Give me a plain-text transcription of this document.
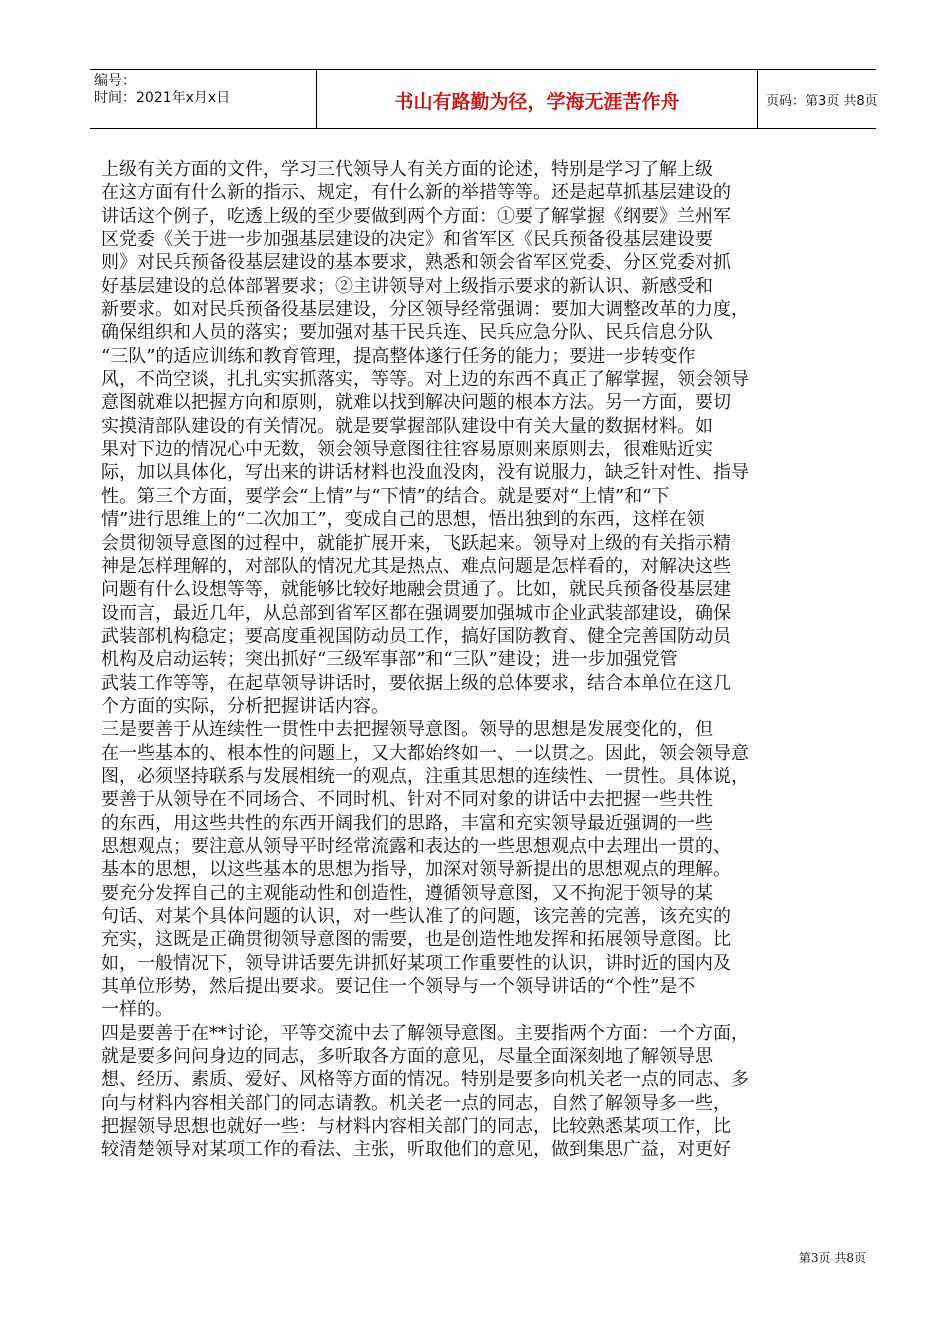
编号：
时间：2021年x月x日	书山有路勤为径，学海无涯苦作舟	页码：第3页 共8页
上级有关方面的文件，学习三代领导人有关方面的论述，特别是学习了解上级
在这方面有什么新的指示、规定，有什么新的举措等等。还是起草抓基层建设的
讲话这个例子，吃透上级的至少要做到两个方面：①要了解掌握《纲要》兰州军
区党委《关于进一步加强基层建设的决定》和省军区《民兵预备役基层建设要
则》对民兵预备役基层建设的基本要求，熟悉和领会省军区党委、分区党委对抓
好基层建设的总体部署要求；②主讲领导对上级指示要求的新认识、新感受和
新要求。如对民兵预备役基层建设，分区领导经常强调：要加大调整改革的力度，
确保组织和人员的落实；要加强对基干民兵连、民兵应急分队、民兵信息分队
“三队”的适应训练和教育管理，提高整体遂行任务的能力；要进一步转变作
风，不尚空谈，扎扎实实抓落实，等等。对上边的东西不真正了解掌握，领会领导
意图就难以把握方向和原则，就难以找到解决问题的根本方法。另一方面，要切
实摸清部队建设的有关情况。就是要掌握部队建设中有关大量的数据材料。如
果对下边的情况心中无数，领会领导意图往往容易原则来原则去，很难贴近实
际，加以具体化，写出来的讲话材料也没血没肉，没有说服力，缺乏针对性、指导
性。第三个方面，要学会“上情”与“下情”的结合。就是要对“上情”和“下
情”进行思维上的“二次加工”，变成自己的思想，悟出独到的东西，这样在领
会贯彻领导意图的过程中，就能扩展开来，飞跃起来。领导对上级的有关指示精
神是怎样理解的，对部队的情况尤其是热点、难点问题是怎样看的，对解决这些
问题有什么设想等等，就能够比较好地融会贯通了。比如，就民兵预备役基层建
设而言，最近几年，从总部到省军区都在强调要加强城市企业武装部建设，确保
武装部机构稳定；要高度重视国防动员工作，搞好国防教育、健全完善国防动员
机构及启动运转；突出抓好“三级军事部”和“三队”建设；进一步加强党管
武装工作等等，在起草领导讲话时，要依据上级的总体要求，结合本单位在这几
个方面的实际，分析把握讲话内容。
三是要善于从连续性一贯性中去把握领导意图。领导的思想是发展变化的，但
在一些基本的、根本性的问题上，又大都始终如一、一以贯之。因此，领会领导意
图，必须坚持联系与发展相统一的观点，注重其思想的连续性、一贯性。具体说，
要善于从领导在不同场合、不同时机、针对不同对象的讲话中去把握一些共性
的东西，用这些共性的东西开阔我们的思路，丰富和充实领导最近强调的一些
思想观点；要注意从领导平时经常流露和表达的一些思想观点中去理出一贯的、
基本的思想，以这些基本的思想为指导，加深对领导新提出的思想观点的理解。
要充分发挥自己的主观能动性和创造性，遵循领导意图，又不拘泥于领导的某
句话、对某个具体问题的认识，对一些认准了的问题，该完善的完善，该充实的
充实，这既是正确贯彻领导意图的需要，也是创造性地发挥和拓展领导意图。比
如，一般情况下，领导讲话要先讲抓好某项工作重要性的认识，讲时近的国内及
其单位形势，然后提出要求。要记住一个领导与一个领导讲话的“个性”是不
一样的。
四是要善于在**讨论，平等交流中去了解领导意图。主要指两个方面：一个方面，
就是要多问问身边的同志，多听取各方面的意见，尽量全面深刻地了解领导思
想、经历、素质、爱好、风格等方面的情况。特别是要多向机关老一点的同志、多
向与材料内容相关部门的同志请教。机关老一点的同志，自然了解领导多一些，
把握领导思想也就好一些：与材料内容相关部门的同志，比较熟悉某项工作，比
较清楚领导对某项工作的看法、主张，听取他们的意见，做到集思广益，对更好
第3页 共8页
